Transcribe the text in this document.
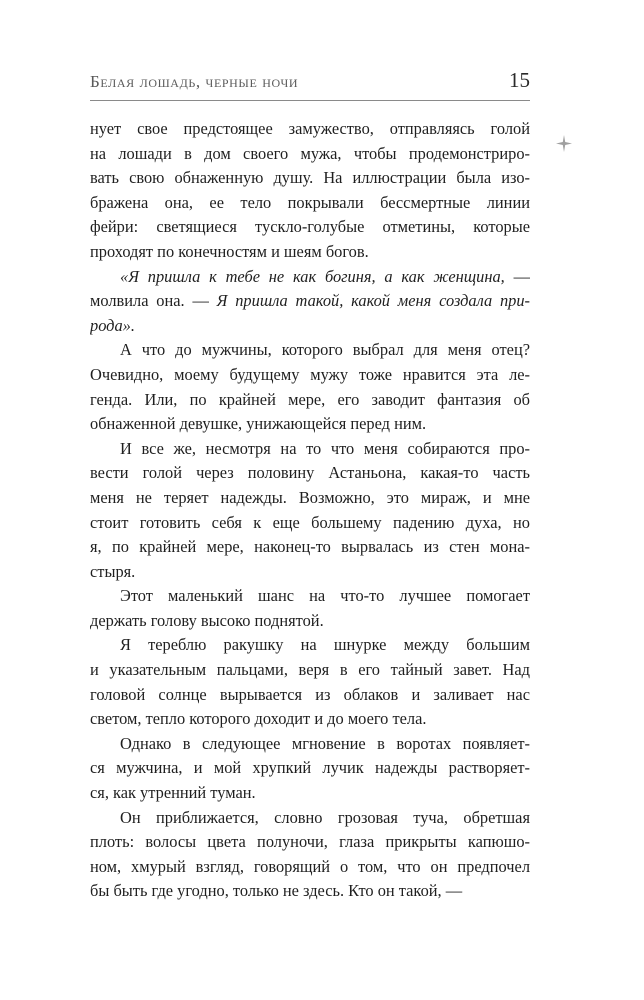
Белая лошадь, черные ночи	15
нует свое предстоящее замужество, отправляясь голой
на лошади в дом своего мужа, чтобы продемонстриро-
вать свою обнаженную душу. На иллюстрации была изо-
бражена она, ее тело покрывали бессмертные линии
фейри: светящиеся тускло-голубые отметины, которые
проходят по конечностям и шеям богов.
«Я пришла к тебе не как богиня, а как женщина, —
молвила она. — Я пришла такой, какой меня создала при-
рода».
А что до мужчины, которого выбрал для меня отец?
Очевидно, моему будущему мужу тоже нравится эта ле-
генда. Или, по крайней мере, его заводит фантазия об
обнаженной девушке, унижающейся перед ним.
И все же, несмотря на то что меня собираются про-
вести голой через половину Астаньона, какая-то часть
меня не теряет надежды. Возможно, это мираж, и мне
стоит готовить себя к еще большему падению духа, но
я, по крайней мере, наконец-то вырвалась из стен мона-
стыря.
Этот маленький шанс на что-то лучшее помогает
держать голову высоко поднятой.
Я тереблю ракушку на шнурке между большим
и указательным пальцами, веря в его тайный завет. Над
головой солнце вырывается из облаков и заливает нас
светом, тепло которого доходит и до моего тела.
Однако в следующее мгновение в воротах появляет-
ся мужчина, и мой хрупкий лучик надежды растворяет-
ся, как утренний туман.
Он приближается, словно грозовая туча, обретшая
плоть: волосы цвета полуночи, глаза прикрыты капюшо-
ном, хмурый взгляд, говорящий о том, что он предпочел
бы быть где угодно, только не здесь. Кто он такой, —
